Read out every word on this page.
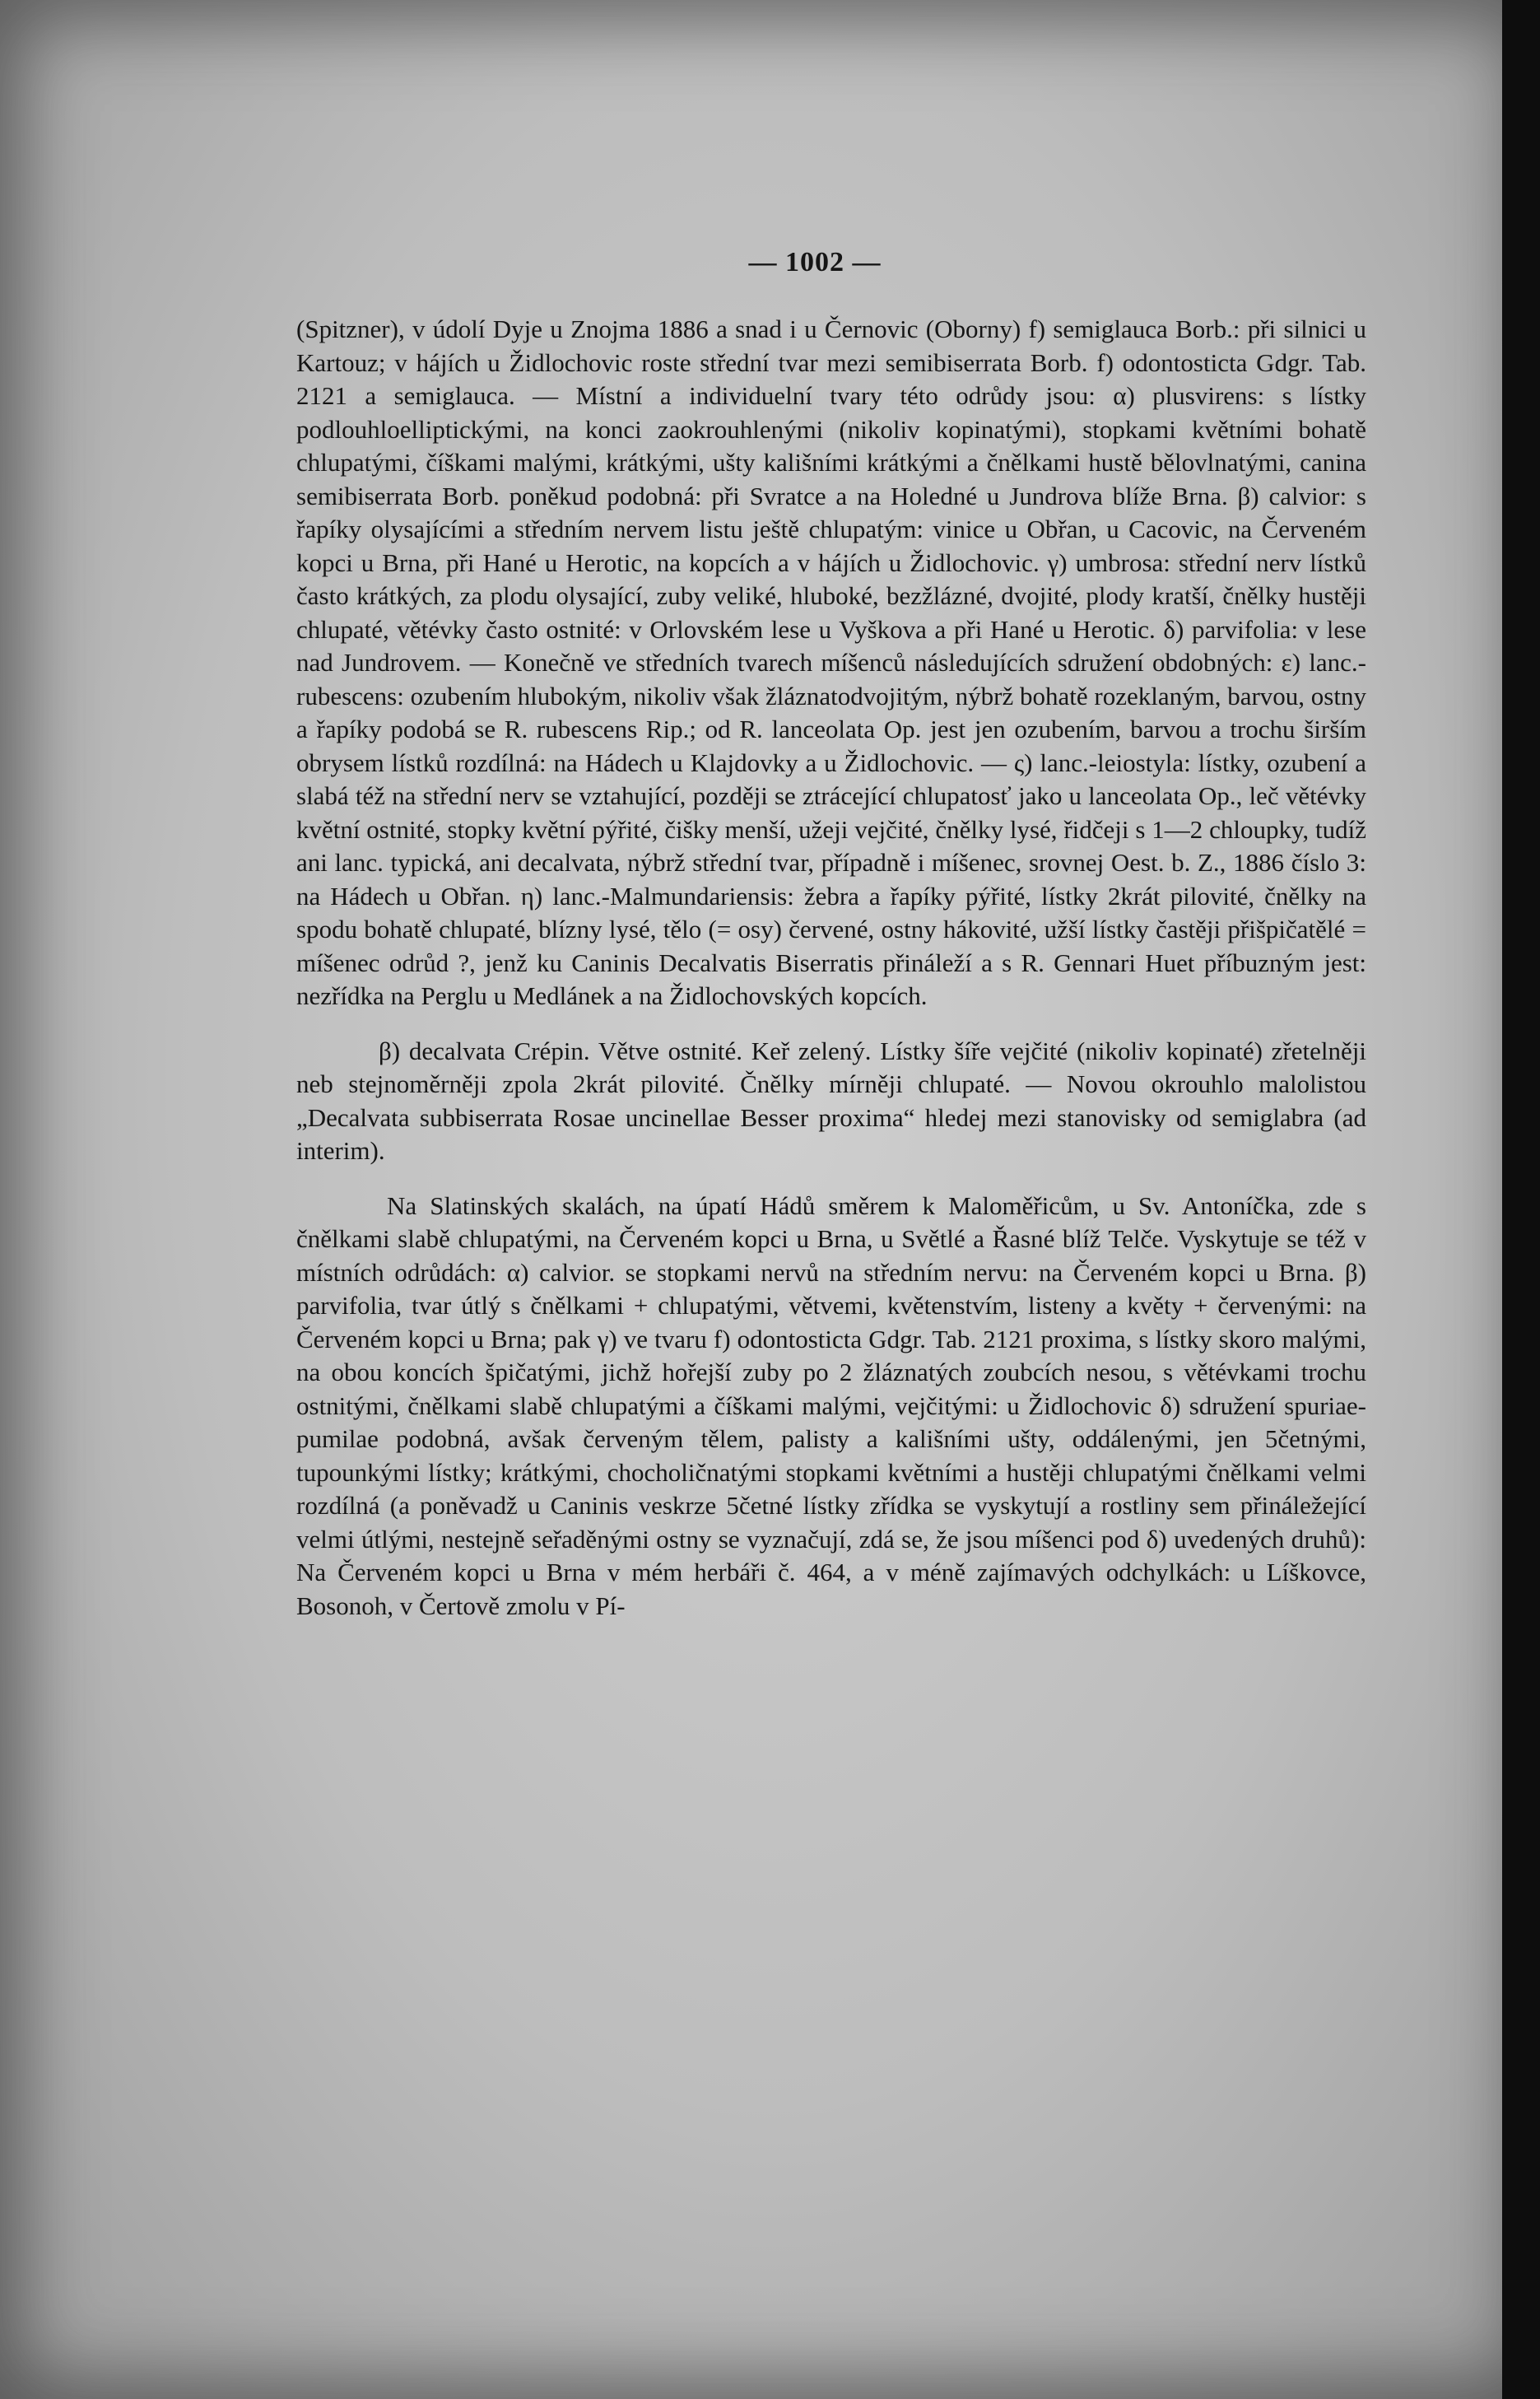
— 1002 —

(Spitzner), v údolí Dyje u Znojma 1886 a snad i u Černovic (Oborny) f) semiglauca Borb.: při silnici u Kartouz; v hájích u Židlochovic roste střední tvar mezi semibiserrata Borb. f) odontosticta Gdgr. Tab. 2121 a semiglauca. — Místní a individuelní tvary této odrůdy jsou: α) plusvirens: s lístky podlouhloelliptickými, na konci zaokrouhlenými (nikoliv kopinatými), stopkami květními bohatě chlupatými, číškami malými, krátkými, ušty kališními krátkými a čnělkami hustě bělovlnatými, canina semibiserrata Borb. poněkud podobná: při Svratce a na Holedné u Jundrova blíže Brna. β) calvior: s řapíky olysajícími a středním nervem listu ještě chlupatým: vinice u Obřan, u Cacovic, na Červeném kopci u Brna, při Hané u Herotic, na kopcích a v hájích u Židlochovic. γ) umbrosa: střední nerv lístků často krátkých, za plodu olysající, zuby veliké, hluboké, bezžlázné, dvojité, plody kratší, čnělky hustěji chlupaté, větévky často ostnité: v Orlovském lese u Vyškova a při Hané u Herotic. δ) parvifolia: v lese nad Jundrovem. — Konečně ve středních tvarech míšenců následujících sdružení obdobných: ε) lanc.-rubescens: ozubením hlubokým, nikoliv však žláznatodvojitým, nýbrž bohatě rozeklaným, barvou, ostny a řapíky podobá se R. rubescens Rip.; od R. lanceolata Op. jest jen ozubením, barvou a trochu širším obrysem lístků rozdílná: na Hádech u Klajdovky a u Židlochovic. — ς) lanc.-leiostyla: lístky, ozubení a slabá též na střední nerv se vztahující, později se ztrácející chlupatosť jako u lanceolata Op., leč větévky květní ostnité, stopky květní pýřité, čišky menší, užeji vejčité, čnělky lysé, řidčeji s 1—2 chloupky, tudíž ani lanc. typická, ani decalvata, nýbrž střední tvar, případně i míšenec, srovnej Oest. b. Z., 1886 číslo 3: na Hádech u Obřan. η) lanc.-Malmundariensis: žebra a řapíky pýřité, lístky 2krát pilovité, čnělky na spodu bohatě chlupaté, blízny lysé, tělo (= osy) červené, ostny hákovité, užší lístky častěji přišpičatělé = míšenec odrůd ?, jenž ku Caninis Decalvatis Biserratis přináleží a s R. Gennari Huet příbuzným jest: nezřídka na Perglu u Medlánek a na Židlochovských kopcích.

β) decalvata Crépin. Větve ostnité. Keř zelený. Lístky šíře vejčité (nikoliv kopinaté) zřetelněji neb stejnoměrněji zpola 2krát pilovité. Čnělky mírněji chlupaté. — Novou okrouhlo malolistou „Decalvata subbiserrata Rosae uncinellae Besser proxima“ hledej mezi stanovisky od semiglabra (ad interim).

Na Slatinských skalách, na úpatí Hádů směrem k Maloměřicům, u Sv. Antoníčka, zde s čnělkami slabě chlupatými, na Červeném kopci u Brna, u Světlé a Řasné blíž Telče. Vyskytuje se též v místních odrůdách: α) calvior. se stopkami nervů na středním nervu: na Červeném kopci u Brna. β) parvifolia, tvar útlý s čnělkami + chlupatými, větvemi, květenstvím, listeny a květy + červenými: na Červeném kopci u Brna; pak γ) ve tvaru f) odontosticta Gdgr. Tab. 2121 proxima, s lístky skoro malými, na obou koncích špičatými, jichž hořejší zuby po 2 žláznatých zoubcích nesou, s větévkami trochu ostnitými, čnělkami slabě chlupatými a číškami malými, vejčitými: u Židlochovic δ) sdružení spuriae-pumilae podobná, avšak červeným tělem, palisty a kališními ušty, oddálenými, jen 5četnými, tupounkými lístky; krátkými, chocholičnatými stopkami květními a hustěji chlupatými čnělkami velmi rozdílná (a poněvadž u Caninis veskrze 5četné lístky zřídka se vyskytují a rostliny sem přináležející velmi útlými, nestejně seřaděnými ostny se vyznačují, zdá se, že jsou míšenci pod δ) uvedených druhů): Na Červeném kopci u Brna v mém herbáři č. 464, a v méně zajímavých odchylkách: u Líškovce, Bosonoh, v Čertově zmolu v Pí-
